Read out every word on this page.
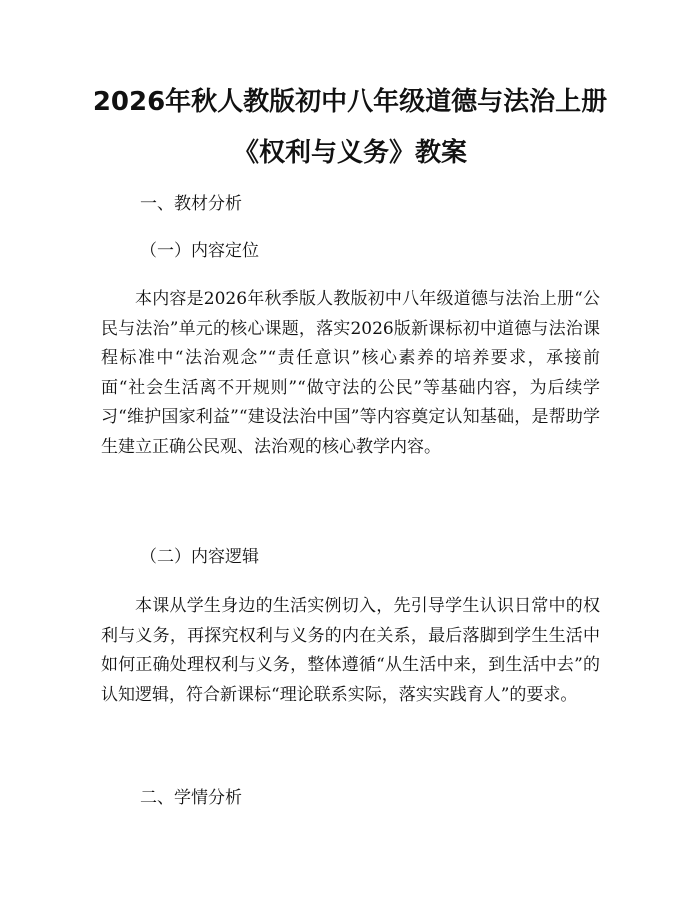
2026年秋人教版初中八年级道德与法治上册
《权利与义务》教案
一、教材分析
（一）内容定位

本内容是2026年秋季版人教版初中八年级道德与法治上册“公民与法治”单元的核心课题，落实2026版新课标初中道德与法治课程标准中“法治观念”“责任意识”核心素养的培养要求，承接前面“社会生活离不开规则”“做守法的公民”等基础内容，为后续学习“维护国家利益”“建设法治中国”等内容奠定认知基础，是帮助学生建立正确公民观、法治观的核心教学内容。

（二）内容逻辑

本课从学生身边的生活实例切入，先引导学生认识日常中的权利与义务，再探究权利与义务的内在关系，最后落脚到学生生活中如何正确处理权利与义务，整体遵循“从生活中来，到生活中去”的认知逻辑，符合新课标“理论联系实际，落实实践育人”的要求。

二、学情分析
